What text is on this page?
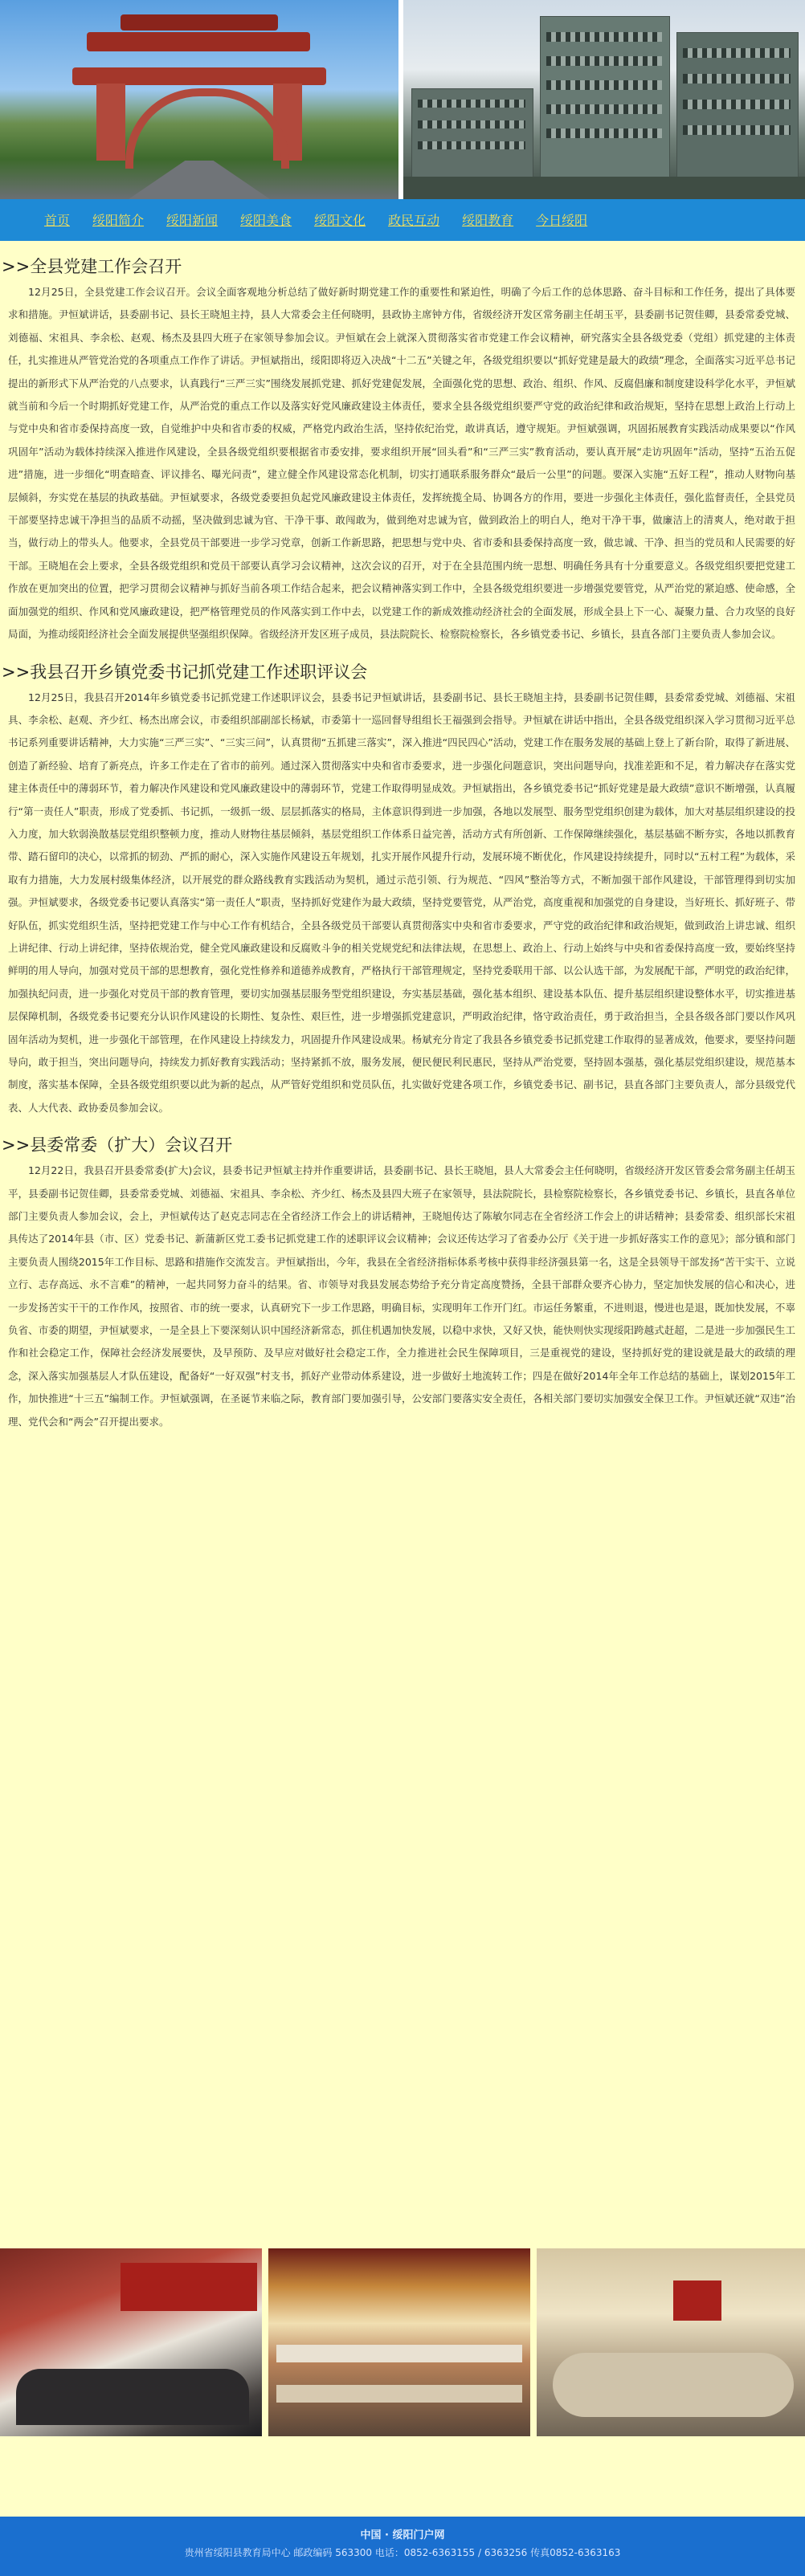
首页 绥阳简介 绥阳新闻 绥阳美食 绥阳文化 政民互动 绥阳教育 今日绥阳
>>全县党建工作会召开

12月25日，全县党建工作会议召开。会议全面客观地分析总结了做好新时期党建工作的重要性和紧迫性，明确了今后工作的总体思路、奋斗目标和工作任务，提出了具体要求和措施。尹恒斌讲话，县委副书记、县长王晓旭主持，县人大常委会主任何晓明，县政协主席钟方伟，省级经济开发区常务副主任胡玉平，县委副书记贺佳卿，县委常委党城、刘德福、宋祖具、李余松、赵观、杨杰及县四大班子在家领导参加会议。尹恒斌在会上就深入贯彻落实省市党建工作会议精神，研究落实全县各级党委（党组）抓党建的主体责任，扎实推进从严管党治党的各项重点工作作了讲话。尹恒斌指出，绥阳即将迈入决战“十二五”关键之年，各级党组织要以“抓好党建是最大的政绩”理念，全面落实习近平总书记提出的新形式下从严治党的八点要求，认真践行“三严三实”围绕发展抓党建、抓好党建促发展，全面强化党的思想、政治、组织、作风、反腐倡廉和制度建设科学化水平，尹恒斌就当前和今后一个时期抓好党建工作，从严治党的重点工作以及落实好党风廉政建设主体责任，要求全县各级党组织要严守党的政治纪律和政治规矩，坚持在思想上政治上行动上与党中央和省市委保持高度一致，自觉维护中央和省市委的权威，严格党内政治生活，坚持依纪治党，敢讲真话，遵守规矩。尹恒斌强调，巩固拓展教育实践活动成果要以“作风巩固年”活动为载体持续深入推进作风建设，全县各级党组织要根据省市委安排，要求组织开展“回头看”和“三严三实”教育活动，要认真开展“走访巩固年”活动，坚持“五治五促进”措施，进一步细化“明查暗查、评议排名、曝光问责”，建立健全作风建设常态化机制，切实打通联系服务群众“最后一公里”的问题。要深入实施“五好工程”，推动人财物向基层倾斜，夯实党在基层的执政基础。尹恒斌要求，各级党委要担负起党风廉政建设主体责任，发挥统揽全局、协调各方的作用，要进一步强化主体责任，强化监督责任，全县党员干部要坚持忠诚干净担当的品质不动摇，坚决做到忠诚为官、干净干事、敢闯敢为，做到绝对忠诚为官，做到政治上的明白人，绝对干净干事，做廉洁上的清爽人，绝对敢于担当，做行动上的带头人。他要求，全县党员干部要进一步学习党章，创新工作新思路，把思想与党中央、省市委和县委保持高度一致，做忠诚、干净、担当的党员和人民需要的好干部。王晓旭在会上要求，全县各级党组织和党员干部要认真学习会议精神，这次会议的召开，对于在全县范围内统一思想、明确任务具有十分重要意义。各级党组织要把党建工作放在更加突出的位置，把学习贯彻会议精神与抓好当前各项工作结合起来，把会议精神落实到工作中，全县各级党组织要进一步增强党要管党，从严治党的紧迫感、使命感，全面加强党的组织、作风和党风廉政建设，把严格管理党员的作风落实到工作中去，以党建工作的新成效推动经济社会的全面发展，形成全县上下一心、凝聚力量、合力攻坚的良好局面，为推动绥阳经济社会全面发展提供坚强组织保障。省级经济开发区班子成员，县法院院长、检察院检察长，各乡镇党委书记、乡镇长，县直各部门主要负责人参加会议。

>>我县召开乡镇党委书记抓党建工作述职评议会

12月25日，我县召开2014年乡镇党委书记抓党建工作述职评议会，县委书记尹恒斌讲话，县委副书记、县长王晓旭主持，县委副书记贺佳卿，县委常委党城、刘德福、宋祖具、李余松、赵观、齐少红、杨杰出席会议，市委组织部副部长杨斌，市委第十一巡回督导组组长王福强到会指导。尹恒斌在讲话中指出，全县各级党组织深入学习贯彻习近平总书记系列重要讲话精神，大力实施“三严三实”、“三实三问”，认真贯彻“五抓建三落实”，深入推进“四民四心”活动，党建工作在服务发展的基础上登上了新台阶，取得了新进展、创造了新经验、培育了新亮点，许多工作走在了省市的前列。通过深入贯彻落实中央和省市委要求，进一步强化问题意识，突出问题导向，找准差距和不足，着力解决存在落实党建主体责任中的薄弱环节，着力解决作风建设和党风廉政建设中的薄弱环节，党建工作取得明显成效。尹恒斌指出，各乡镇党委书记“抓好党建是最大政绩”意识不断增强，认真履行“第一责任人”职责，形成了党委抓、书记抓，一级抓一级、层层抓落实的格局，主体意识得到进一步加强，各地以发展型、服务型党组织创建为载体，加大对基层组织建设的投入力度，加大软弱涣散基层党组织整顿力度，推动人财物往基层倾斜，基层党组织工作体系日益完善，活动方式有所创新、工作保障继续强化，基层基础不断夯实，各地以抓教育带、踏石留印的决心，以常抓的韧劲、严抓的耐心，深入实施作风建设五年规划，扎实开展作风提升行动，发展环境不断优化，作风建设持续提升，同时以“五村工程”为载体，采取有力措施，大力发展村级集体经济，以开展党的群众路线教育实践活动为契机，通过示范引领、行为规范、“四风”整治等方式，不断加强干部作风建设，干部管理得到切实加强。尹恒斌要求，各级党委书记要认真落实“第一责任人”职责，坚持抓好党建作为最大政绩，坚持党要管党，从严治党，高度重视和加强党的自身建设，当好班长、抓好班子、带好队伍，抓实党组织生活，坚持把党建工作与中心工作有机结合，全县各级党员干部要认真贯彻落实中央和省市委要求，严守党的政治纪律和政治规矩，做到政治上讲忠诚、组织上讲纪律、行动上讲纪律，坚持依规治党，健全党风廉政建设和反腐败斗争的相关党规党纪和法律法规，在思想上、政治上、行动上始终与中央和省委保持高度一致，要始终坚持鲜明的用人导向，加强对党员干部的思想教育，强化党性修养和道德养成教育，严格执行干部管理规定，坚持党委联用干部、以公认选干部，为发展配干部，严明党的政治纪律，加强执纪问责，进一步强化对党员干部的教育管理，要切实加强基层服务型党组织建设，夯实基层基础，强化基本组织、建设基本队伍、提升基层组织建设整体水平，切实推进基层保障机制，各级党委书记要充分认识作风建设的长期性、复杂性、艰巨性，进一步增强抓党建意识，严明政治纪律，恪守政治责任，勇于政治担当，全县各级各部门要以作风巩固年活动为契机，进一步强化干部管理，在作风建设上持续发力，巩固提升作风建设成果。杨斌充分肯定了我县各乡镇党委书记抓党建工作取得的显著成效，他要求，要坚持问题导向，敢于担当，突出问题导向，持续发力抓好教育实践活动；坚持紧抓不放，服务发展，便民便民利民惠民，坚持从严治党要，坚持固本强基，强化基层党组织建设，规范基本制度，落实基本保障，全县各级党组织要以此为新的起点，从严管好党组织和党员队伍，扎实做好党建各项工作，乡镇党委书记、副书记，县直各部门主要负责人，部分县级党代表、人大代表、政协委员参加会议。

>>县委常委（扩大）会议召开

12月22日，我县召开县委常委(扩大)会议，县委书记尹恒斌主持并作重要讲话，县委副书记、县长王晓旭，县人大常委会主任何晓明，省级经济开发区管委会常务副主任胡玉平，县委副书记贺佳卿，县委常委党城、刘德福、宋祖具、李余松、齐少红、杨杰及县四大班子在家领导，县法院院长，县检察院检察长，各乡镇党委书记、乡镇长，县直各单位部门主要负责人参加会议，会上，尹恒斌传达了赵克志同志在全省经济工作会上的讲话精神，王晓旭传达了陈敏尔同志在全省经济工作会上的讲话精神；县委常委、组织部长宋祖具传达了2014年县（市、区）党委书记、新蒲新区党工委书记抓党建工作的述职评议会议精神；会议还传达学习了省委办公厅《关于进一步抓好落实工作的意见》；部分镇和部门主要负责人围绕2015年工作目标、思路和措施作交流发言。尹恒斌指出，今年，我县在全省经济指标体系考核中获得非经济强县第一名，这是全县领导干部发扬“苦干实干、立说立行、志存高远、永不言难”的精神，一起共同努力奋斗的结果。省、市领导对我县发展态势给予充分肯定高度赞扬，全县干部群众要齐心协力，坚定加快发展的信心和决心，进一步发扬苦实干干的工作作风，按照省、市的统一要求，认真研究下一步工作思路，明确目标，实现明年工作开门红。市运任务繁重，不进则退，慢进也是退，既加快发展，不辜负省、市委的期望，尹恒斌要求，一是全县上下要深刻认识中国经济新常态，抓住机遇加快发展，以稳中求快，又好又快，能快则快实现绥阳跨越式赶超，二是进一步加强民生工作和社会稳定工作，保障社会经济发展要快，及早预防、及早应对做好社会稳定工作，全力推进社会民生保障项目，三是重视党的建设，坚持抓好党的建设就是最大的政绩的理念，深入落实加强基层人才队伍建设，配备好“一好双强”村支书，抓好产业带动体系建设，进一步做好土地流转工作；四是在做好2014年全年工作总结的基础上，谋划2015年工作，加快推进“十三五”编制工作。尹恒斌强调，在圣诞节来临之际，教育部门要加强引导，公安部门要落实安全责任，各相关部门要切实加强安全保卫工作。尹恒斌还就“双违”治理、党代会和“两会”召开提出要求。

中国 · 绥阳门户网
贵州省绥阳县教育局中心 邮政编码 563300 电话：0852-6363155 / 6363256 传真0852-6363163
